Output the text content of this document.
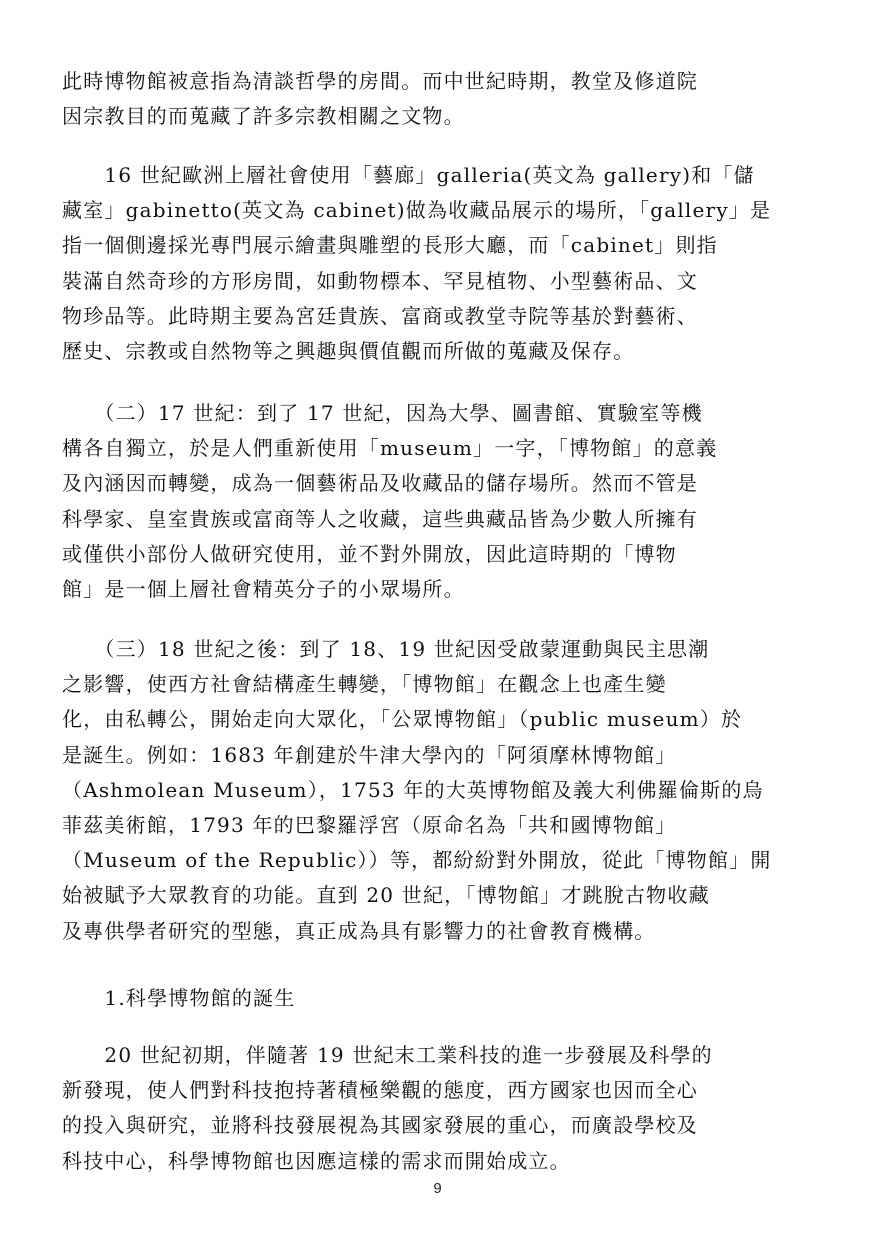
此時博物館被意指為清談哲學的房間。而中世紀時期，教堂及修道院
因宗教目的而蒐藏了許多宗教相關之文物。
　　16 世紀歐洲上層社會使用「藝廊」galleria(英文為 gallery)和「儲
藏室」gabinetto(英文為 cabinet)做為收藏品展示的場所，「gallery」是
指一個側邊採光專門展示繪畫與雕塑的長形大廳，而「cabinet」則指
裝滿自然奇珍的方形房間，如動物標本、罕見植物、小型藝術品、文
物珍品等。此時期主要為宮廷貴族、富商或教堂寺院等基於對藝術、
歷史、宗教或自然物等之興趣與價值觀而所做的蒐藏及保存。
　　（二）17 世紀：到了 17 世紀，因為大學、圖書館、實驗室等機
構各自獨立，於是人們重新使用「museum」一字，「博物館」的意義
及內涵因而轉變，成為一個藝術品及收藏品的儲存場所。然而不管是
科學家、皇室貴族或富商等人之收藏，這些典藏品皆為少數人所擁有
或僅供小部份人做研究使用，並不對外開放，因此這時期的「博物
館」是一個上層社會精英分子的小眾場所。
　　（三）18 世紀之後：到了 18、19 世紀因受啟蒙運動與民主思潮
之影響，使西方社會結構產生轉變，「博物館」在觀念上也產生變
化，由私轉公，開始走向大眾化，「公眾博物館」（public museum）於
是誕生。例如：1683 年創建於牛津大學內的「阿須摩林博物館」
（Ashmolean Museum），1753 年的大英博物館及義大利佛羅倫斯的烏
菲茲美術館，1793 年的巴黎羅浮宮（原命名為「共和國博物館」
（Museum of the Republic））等，都紛紛對外開放，從此「博物館」開
始被賦予大眾教育的功能。直到 20 世紀，「博物館」才跳脫古物收藏
及專供學者研究的型態，真正成為具有影響力的社會教育機構。
　　1.科學博物館的誕生
　　20 世紀初期，伴隨著 19 世紀末工業科技的進一步發展及科學的
新發現，使人們對科技抱持著積極樂觀的態度，西方國家也因而全心
的投入與研究，並將科技發展視為其國家發展的重心，而廣設學校及
科技中心，科學博物館也因應這樣的需求而開始成立。
9
